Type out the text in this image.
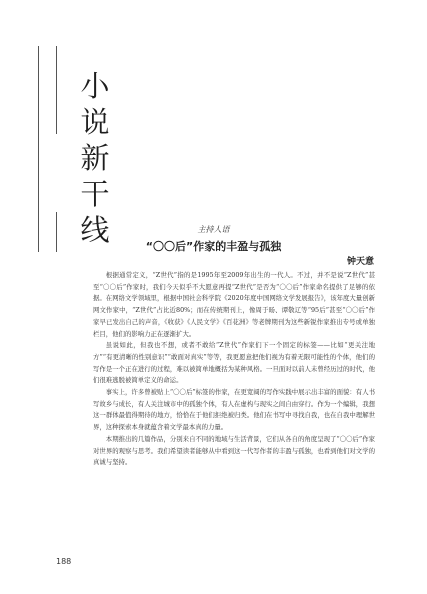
小说新干线	主持人语
“〇〇后”作家的丰盈与孤独
钟天意

根据通常定义，“Z世代”指的是1995年至2009年出生的一代人。不过，并不是说“Z世代”甚至“〇〇后”作家时，我们今天似乎不大愿意再提“Z世代”是否为“〇〇后”作家命名提供了足够的依据。在网络文学领域里，根据中国社会科学院《2020年度中国网络文学发展报告》，该年度大量创新网文作家中，“Z世代”占比近80%；而在传统期刊上，像周于旸、谭敬辽等“95后”甚至“〇〇后”作家早已发出自己的声音，《收获》《人民文学》《百花洲》等老牌期刊为这些新锐作家推出专号或单独栏目，他们的影响力正在逐渐扩大。

虽说如此，但我也不想，或者不敢给“Z世代”作家们下一个固定的标签——比如“更关注地方”“有更清晰的性别意识”“敢面对真实”等等，我更愿意把他们视为有着无限可能性的个体，他们的写作是一个正在进行的过程，难以被简单地概括为某种风格。一旦面对以前人未曾经历过的时代，他们很难逃脱被简单定义的命运。

事实上，许多曾被贴上“〇〇后”标签的作家，在更宽阔的写作实践中展示出丰富的面貌：有人书写故乡与成长，有人关注城市中的孤独个体，有人在虚构与现实之间自由穿行。作为一个编辑，我想这一群体最值得期待的地方，恰恰在于他们拒绝被归类。他们在书写中寻找自我，也在自我中理解世界，这种探索本身就蕴含着文学最本真的力量。

本期推出的几篇作品，分别来自不同的地域与生活背景，它们从各自的角度呈现了“〇〇后”作家对世界的观察与思考。我们希望读者能够从中看到这一代写作者的丰盈与孤独，也看到他们对文学的真诚与坚持。

188
